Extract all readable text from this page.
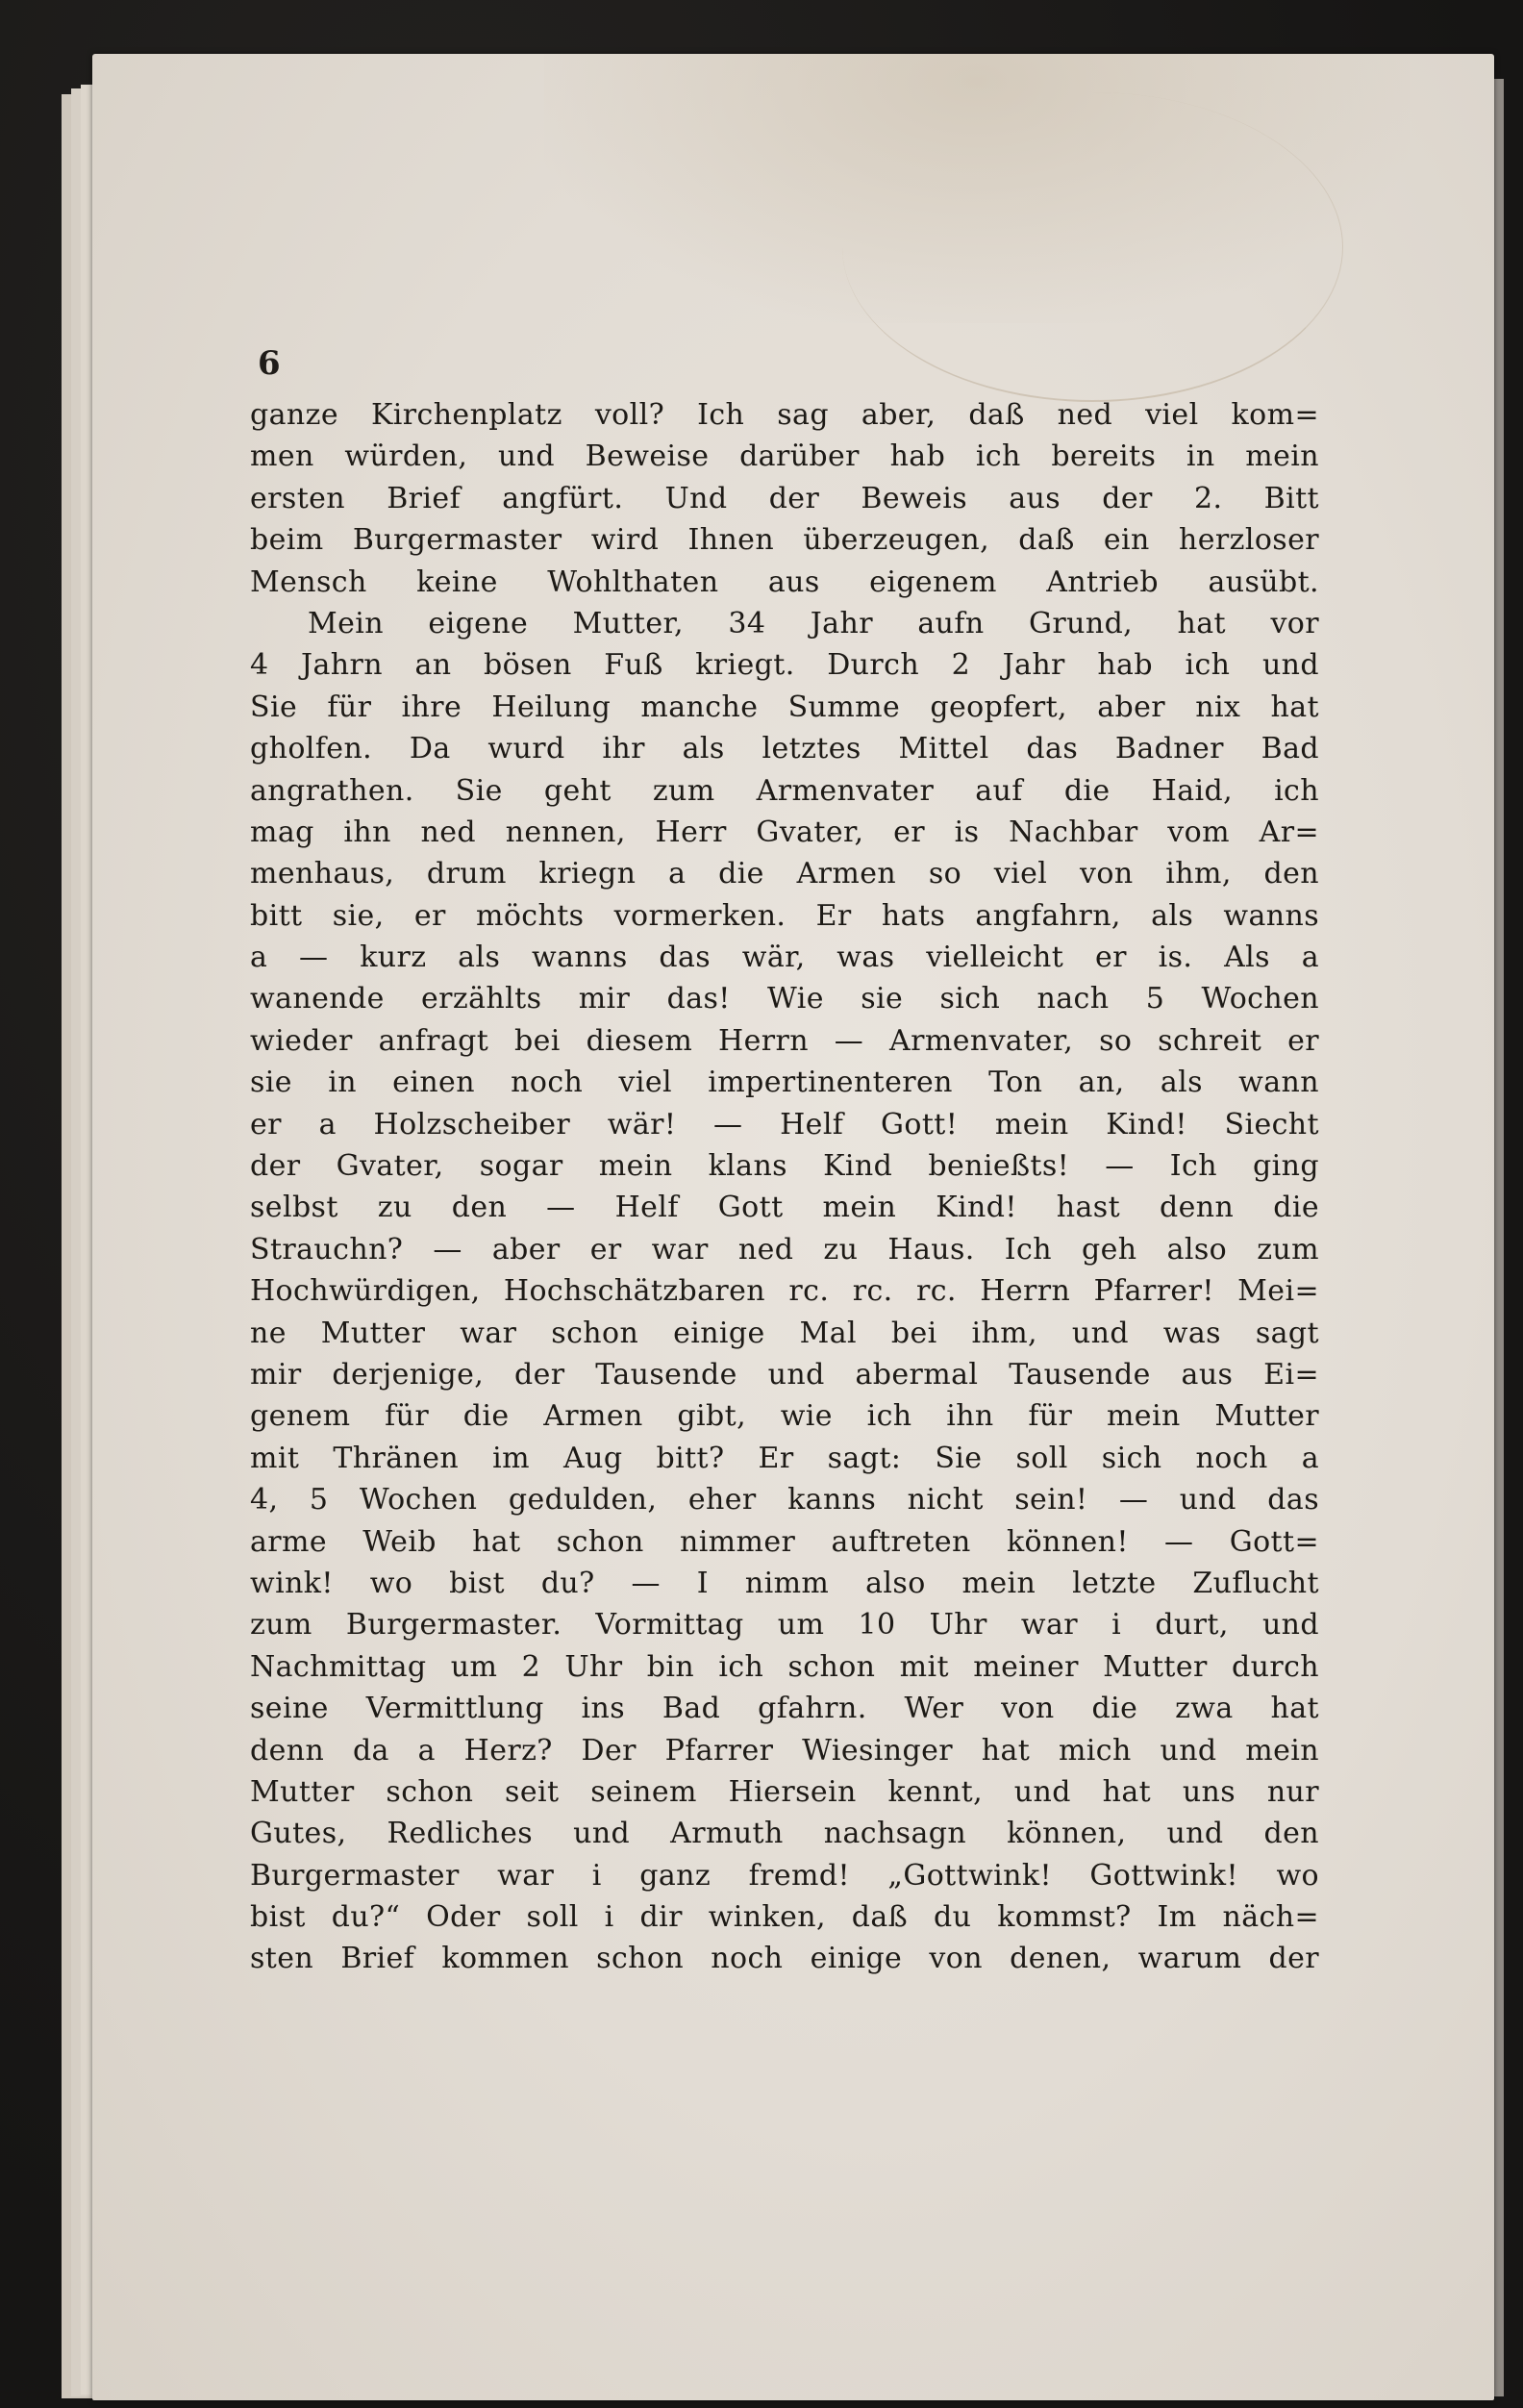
6
ganze Kirchenplatz voll? Ich sag aber, daß ned viel kom=
men würden, und Beweise darüber hab ich bereits in mein
ersten Brief angfürt. Und der Beweis aus der 2. Bitt
beim Burgermaster wird Ihnen überzeugen, daß ein herzloser
Mensch keine Wohlthaten aus eigenem Antrieb ausübt.
Mein eigene Mutter, 34 Jahr aufn Grund, hat vor
4 Jahrn an bösen Fuß kriegt. Durch 2 Jahr hab ich und
Sie für ihre Heilung manche Summe geopfert, aber nix hat
gholfen. Da wurd ihr als letztes Mittel das Badner Bad
angrathen. Sie geht zum Armenvater auf die Haid, ich
mag ihn ned nennen, Herr Gvater, er is Nachbar vom Ar=
menhaus, drum kriegn a die Armen so viel von ihm, den
bitt sie, er möchts vormerken. Er hats angfahrn, als wanns
a — kurz als wanns das wär, was vielleicht er is. Als a
wanende erzählts mir das! Wie sie sich nach 5 Wochen
wieder anfragt bei diesem Herrn — Armenvater, so schreit er
sie in einen noch viel impertinenteren Ton an, als wann
er a Holzscheiber wär! — Helf Gott! mein Kind! Siecht
der Gvater, sogar mein klans Kind benießts! — Ich ging
selbst zu den — Helf Gott mein Kind! hast denn die
Strauchn? — aber er war ned zu Haus. Ich geh also zum
Hochwürdigen, Hochschätzbaren rc. rc. rc. Herrn Pfarrer! Mei=
ne Mutter war schon einige Mal bei ihm, und was sagt
mir derjenige, der Tausende und abermal Tausende aus Ei=
genem für die Armen gibt, wie ich ihn für mein Mutter
mit Thränen im Aug bitt? Er sagt: Sie soll sich noch a
4, 5 Wochen gedulden, eher kanns nicht sein! — und das
arme Weib hat schon nimmer auftreten können! — Gott=
wink! wo bist du? — I nimm also mein letzte Zuflucht
zum Burgermaster. Vormittag um 10 Uhr war i durt, und
Nachmittag um 2 Uhr bin ich schon mit meiner Mutter durch
seine Vermittlung ins Bad gfahrn. Wer von die zwa hat
denn da a Herz? Der Pfarrer Wiesinger hat mich und mein
Mutter schon seit seinem Hiersein kennt, und hat uns nur
Gutes, Redliches und Armuth nachsagn können, und den
Burgermaster war i ganz fremd! „Gottwink! Gottwink! wo
bist du?“ Oder soll i dir winken, daß du kommst? Im näch=
sten Brief kommen schon noch einige von denen, warum der
